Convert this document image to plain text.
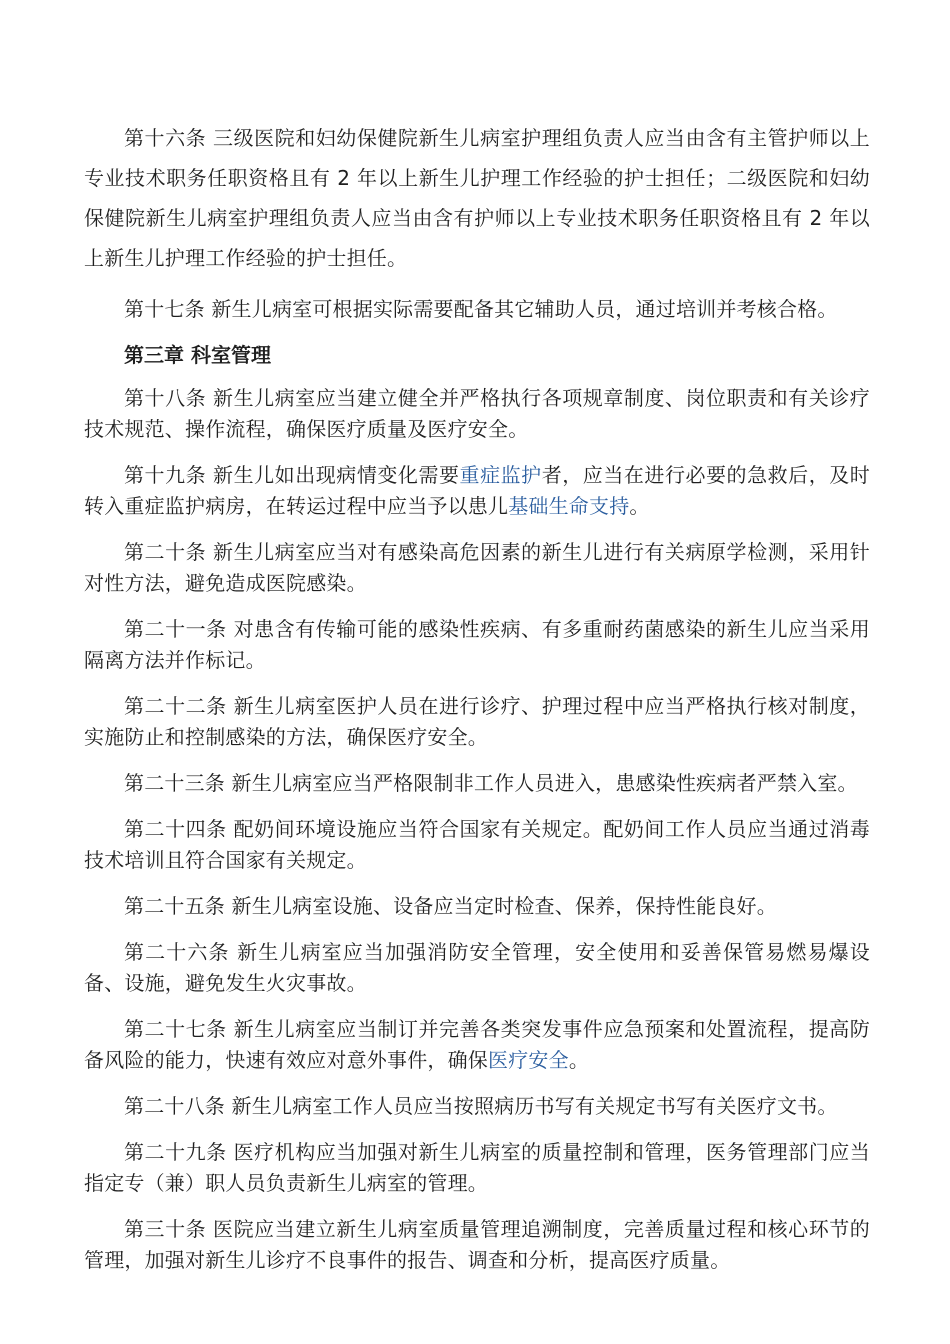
第十六条 三级医院和妇幼保健院新生儿病室护理组负责人应当由含有主管护师以上专业技术职务任职资格且有 2 年以上新生儿护理工作经验的护士担任；二级医院和妇幼保健院新生儿病室护理组负责人应当由含有护师以上专业技术职务任职资格且有 2 年以上新生儿护理工作经验的护士担任。

第十七条 新生儿病室可根据实际需要配备其它辅助人员，通过培训并考核合格。

第三章 科室管理

第十八条 新生儿病室应当建立健全并严格执行各项规章制度、岗位职责和有关诊疗技术规范、操作流程，确保医疗质量及医疗安全。

第十九条 新生儿如出现病情变化需要重症监护者，应当在进行必要的急救后，及时转入重症监护病房，在转运过程中应当予以患儿基础生命支持。

第二十条 新生儿病室应当对有感染高危因素的新生儿进行有关病原学检测，采用针对性方法，避免造成医院感染。

第二十一条 对患含有传输可能的感染性疾病、有多重耐药菌感染的新生儿应当采用隔离方法并作标记。

第二十二条 新生儿病室医护人员在进行诊疗、护理过程中应当严格执行核对制度，实施防止和控制感染的方法，确保医疗安全。

第二十三条 新生儿病室应当严格限制非工作人员进入，患感染性疾病者严禁入室。

第二十四条 配奶间环境设施应当符合国家有关规定。配奶间工作人员应当通过消毒技术培训且符合国家有关规定。

第二十五条 新生儿病室设施、设备应当定时检查、保养，保持性能良好。

第二十六条 新生儿病室应当加强消防安全管理，安全使用和妥善保管易燃易爆设备、设施，避免发生火灾事故。

第二十七条 新生儿病室应当制订并完善各类突发事件应急预案和处置流程，提高防备风险的能力，快速有效应对意外事件，确保医疗安全。

第二十八条 新生儿病室工作人员应当按照病历书写有关规定书写有关医疗文书。

第二十九条 医疗机构应当加强对新生儿病室的质量控制和管理，医务管理部门应当指定专（兼）职人员负责新生儿病室的管理。

第三十条 医院应当建立新生儿病室质量管理追溯制度，完善质量过程和核心环节的管理，加强对新生儿诊疗不良事件的报告、调查和分析，提高医疗质量。
